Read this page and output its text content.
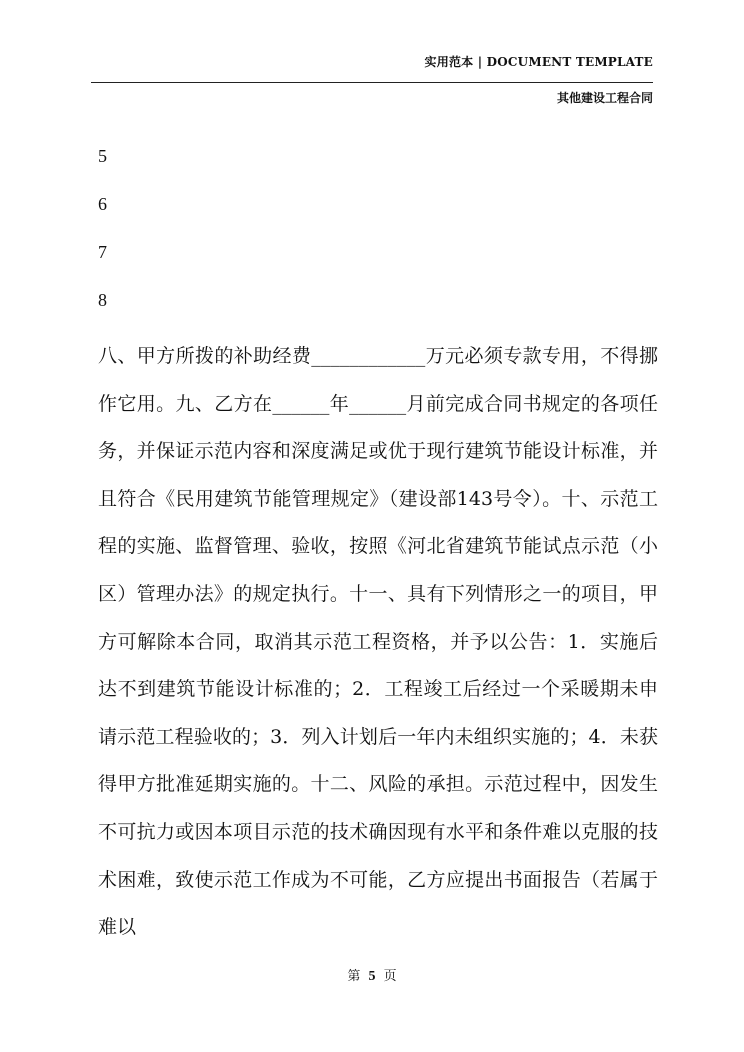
实用范本 | DOCUMENT TEMPLATE
其他建设工程合同
5
6
7
8

八、甲方所拨的补助经费____________万元必须专款专用，不得挪作它用。九、乙方在______年______月前完成合同书规定的各项任务，并保证示范内容和深度满足或优于现行建筑节能设计标准，并且符合《民用建筑节能管理规定》（建设部143号令）。十、示范工程的实施、监督管理、验收，按照《河北省建筑节能试点示范（小区）管理办法》的规定执行。十一、具有下列情形之一的项目，甲方可解除本合同，取消其示范工程资格，并予以公告：1．实施后达不到建筑节能设计标准的；2．工程竣工后经过一个采暖期未申请示范工程验收的；3．列入计划后一年内未组织实施的；4．未获得甲方批准延期实施的。十二、风险的承担。示范过程中，因发生不可抗力或因本项目示范的技术确因现有水平和条件难以克服的技术困难，致使示范工作成为不可能，乙方应提出书面报告（若属于难以

第 5 页
